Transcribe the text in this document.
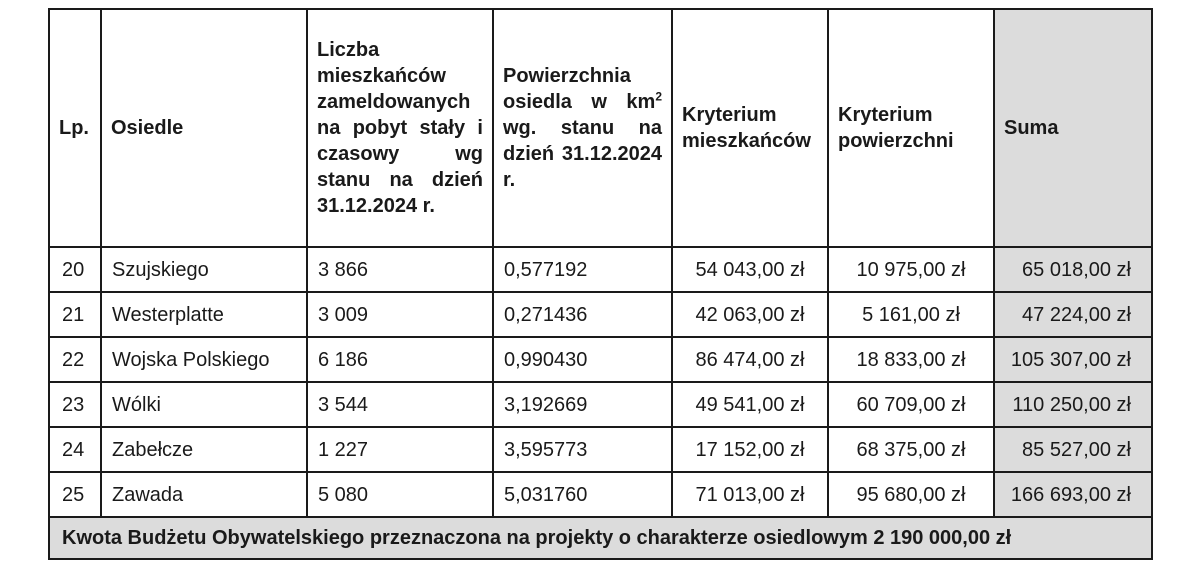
Lp.	Osiedle	Liczba mieszkańców zameldowanych na pobyt stały i czasowy wg stanu na dzień 31.12.2024 r.	Powierzchnia osiedla w $km^2$ wg. stanu na dzień 31.12.2024 r.	Kryterium mieszkańców	Kryterium powierzchni	Suma
20	Szujskiego	3 866	0,577192	54 043,00 zł	10 975,00 zł	65 018,00 zł
21	Westerplatte	3 009	0,271436	42 063,00 zł	5 161,00 zł	47 224,00 zł
22	Wojska Polskiego	6 186	0,990430	86 474,00 zł	18 833,00 zł	105 307,00 zł
23	Wólki	3 544	3,192669	49 541,00 zł	60 709,00 zł	110 250,00 zł
24	Zabełcze	1 227	3,595773	17 152,00 zł	68 375,00 zł	85 527,00 zł
25	Zawada	5 080	5,031760	71 013,00 zł	95 680,00 zł	166 693,00 zł
Kwota Budżetu Obywatelskiego przeznaczona na projekty o charakterze osiedlowym 2 190 000,00 zł						
